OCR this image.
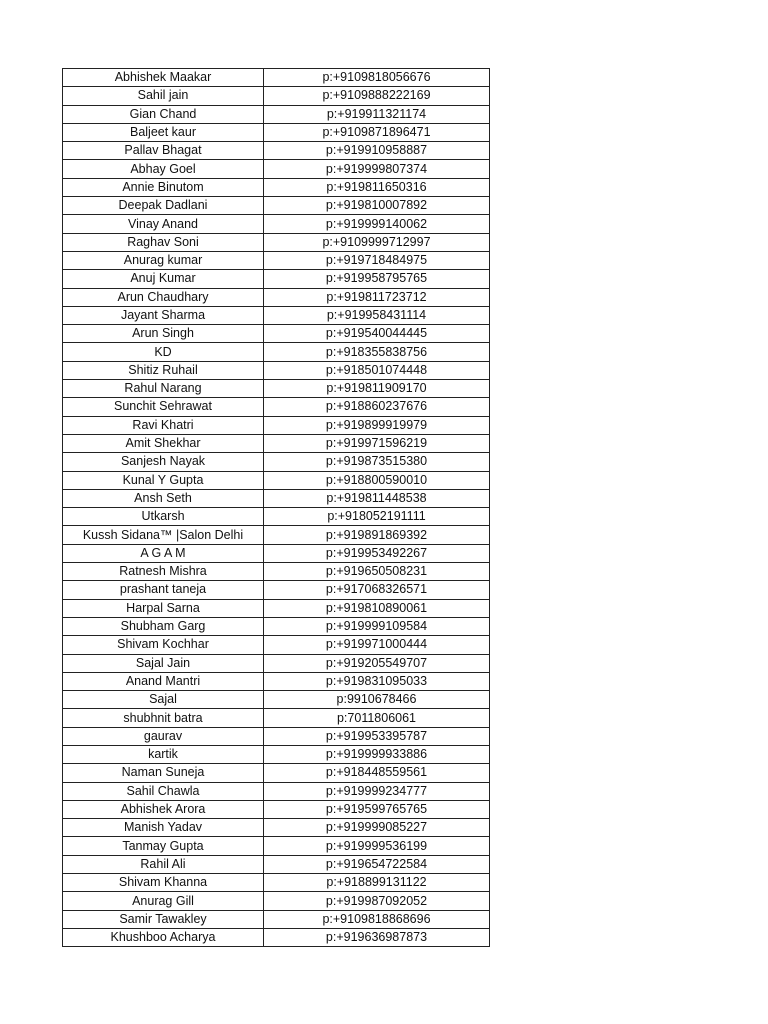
Abhishek Maakar	p:+9109818056676
Sahil jain	p:+9109888222169
Gian Chand	p:+919911321174
Baljeet kaur	p:+9109871896471
Pallav Bhagat	p:+919910958887
Abhay Goel	p:+919999807374
Annie Binutom	p:+919811650316
Deepak Dadlani	p:+919810007892
Vinay Anand	p:+919999140062
Raghav Soni	p:+9109999712997
Anurag kumar	p:+919718484975
Anuj Kumar	p:+919958795765
Arun Chaudhary	p:+919811723712
Jayant Sharma	p:+919958431114
Arun Singh	p:+919540044445
KD	p:+918355838756
Shitiz Ruhail	p:+918501074448
Rahul Narang	p:+919811909170
Sunchit Sehrawat	p:+918860237676
Ravi Khatri	p:+919899919979
Amit Shekhar	p:+919971596219
Sanjesh Nayak	p:+919873515380
Kunal Y Gupta	p:+918800590010
Ansh Seth	p:+919811448538
Utkarsh	p:+918052191111
Kussh Sidana™ |Salon Delhi	p:+919891869392
A G A M	p:+919953492267
Ratnesh Mishra	p:+919650508231
prashant taneja	p:+917068326571
Harpal Sarna	p:+919810890061
Shubham Garg	p:+919999109584
Shivam Kochhar	p:+919971000444
Sajal Jain	p:+919205549707
Anand Mantri	p:+919831095033
Sajal	p:9910678466
shubhnit batra	p:7011806061
gaurav	p:+919953395787
kartik	p:+919999933886
Naman Suneja	p:+918448559561
Sahil Chawla	p:+919999234777
Abhishek Arora	p:+919599765765
Manish Yadav	p:+919999085227
Tanmay Gupta	p:+919999536199
Rahil Ali	p:+919654722584
Shivam Khanna	p:+918899131122
Anurag Gill	p:+919987092052
Samir Tawakley	p:+9109818868696
Khushboo Acharya	p:+919636987873
